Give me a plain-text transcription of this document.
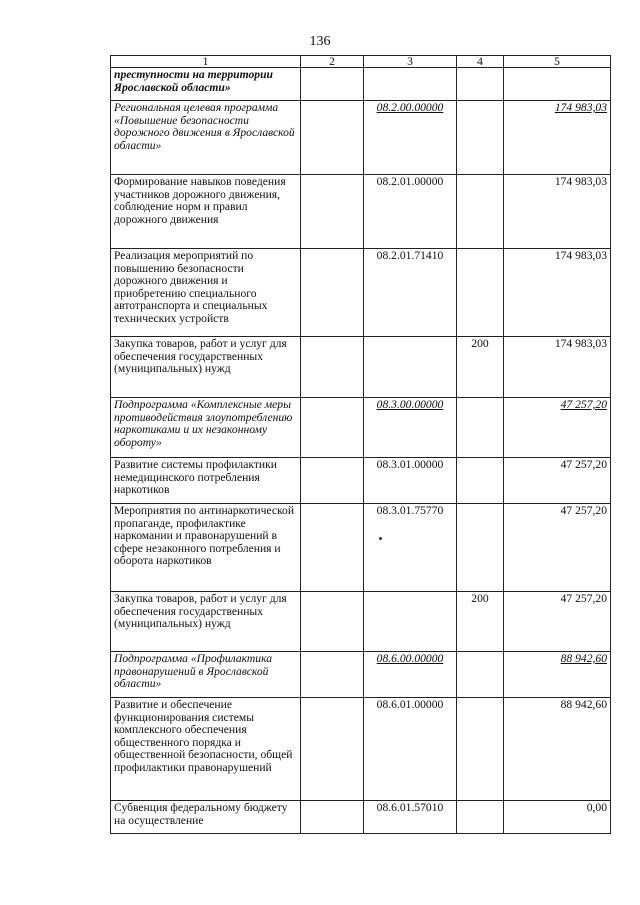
136
1	2	3	4	5
преступности на территории Ярославской области»				
Региональная целевая программа «Повышение безопасности дорожного движения в Ярославской области»		08.2.00.00000		174 983,03
Формирование навыков поведения участников дорожного движения, соблюдение норм и правил дорожного движения		08.2.01.00000		174 983,03
Реализация мероприятий по повышению безопасности дорожного движения и приобретению специального автотранспорта и специальных технических устройств		08.2.01.71410		174 983,03
Закупка товаров, работ и услуг для обеспечения государственных (муниципальных) нужд			200	174 983,03
Подпрограмма «Комплексные меры противодействия злоупотреблению наркотиками и их незаконному обороту»		08.3.00.00000		47 257,20
Развитие системы профилактики немедицинского потребления наркотиков		08.3.01.00000		47 257,20
Мероприятия по антинаркотической пропаганде, профилактике наркомании и правонарушений в сфере незаконного потребления и оборота наркотиков		08.3.01.75770		47 257,20
Закупка товаров, работ и услуг для обеспечения государственных (муниципальных) нужд			200	47 257,20
Подпрограмма «Профилактика правонарушений в Ярославской области»		08.6.00.00000		88 942,60
Развитие и обеспечение функционирования системы комплексного обеспечения общественного порядка и общественной безопасности, общей профилактики правонарушений		08.6.01.00000		88 942,60
Субвенция федеральному бюджету на осуществление		08.6.01.57010		0,00
